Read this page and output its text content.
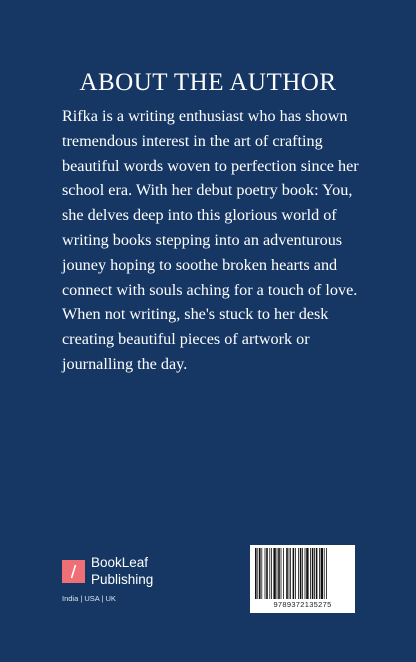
ABOUT THE AUTHOR

Rifka is a writing enthusiast who has shown tremendous interest in the art of crafting beautiful words woven to perfection since her school era. With her debut poetry book: You, she delves deep into this glorious world of writing books stepping into an adventurous jouney hoping to soothe broken hearts and connect with souls aching for a touch of love. When not writing, she's stuck to her desk creating beautiful pieces of artwork or journalling the day.

BookLeaf
Publishing
India | USA | UK
9789372135275
